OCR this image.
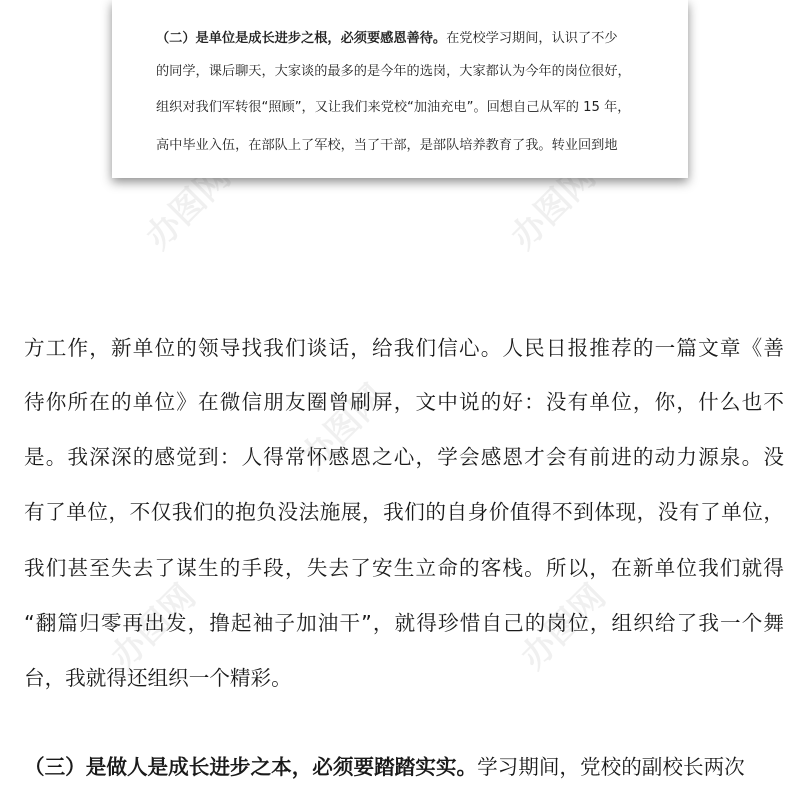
办图网	办图网
办图网
办图网	办图网
（二）是单位是成长进步之根，必须要感恩善待。在党校学习期间，认识了不少
的同学，课后聊天，大家谈的最多的是今年的选岗，大家都认为今年的岗位很好，
组织对我们军转很“照顾”，又让我们来党校“加油充电”。回想自己从军的 15 年，
高中毕业入伍，在部队上了军校，当了干部，是部队培养教育了我。转业回到地
方工作，新单位的领导找我们谈话，给我们信心。人民日报推荐的一篇文章《善
待你所在的单位》在微信朋友圈曾刷屏，文中说的好：没有单位，你，什么也不
是。我深深的感觉到：人得常怀感恩之心，学会感恩才会有前进的动力源泉。没
有了单位，不仅我们的抱负没法施展，我们的自身价值得不到体现，没有了单位，
我们甚至失去了谋生的手段，失去了安生立命的客栈。所以，在新单位我们就得
“翻篇归零再出发，撸起袖子加油干”，就得珍惜自己的岗位，组织给了我一个舞
台，我就得还组织一个精彩。
（三）是做人是成长进步之本，必须要踏踏实实。学习期间，党校的副校长两次
